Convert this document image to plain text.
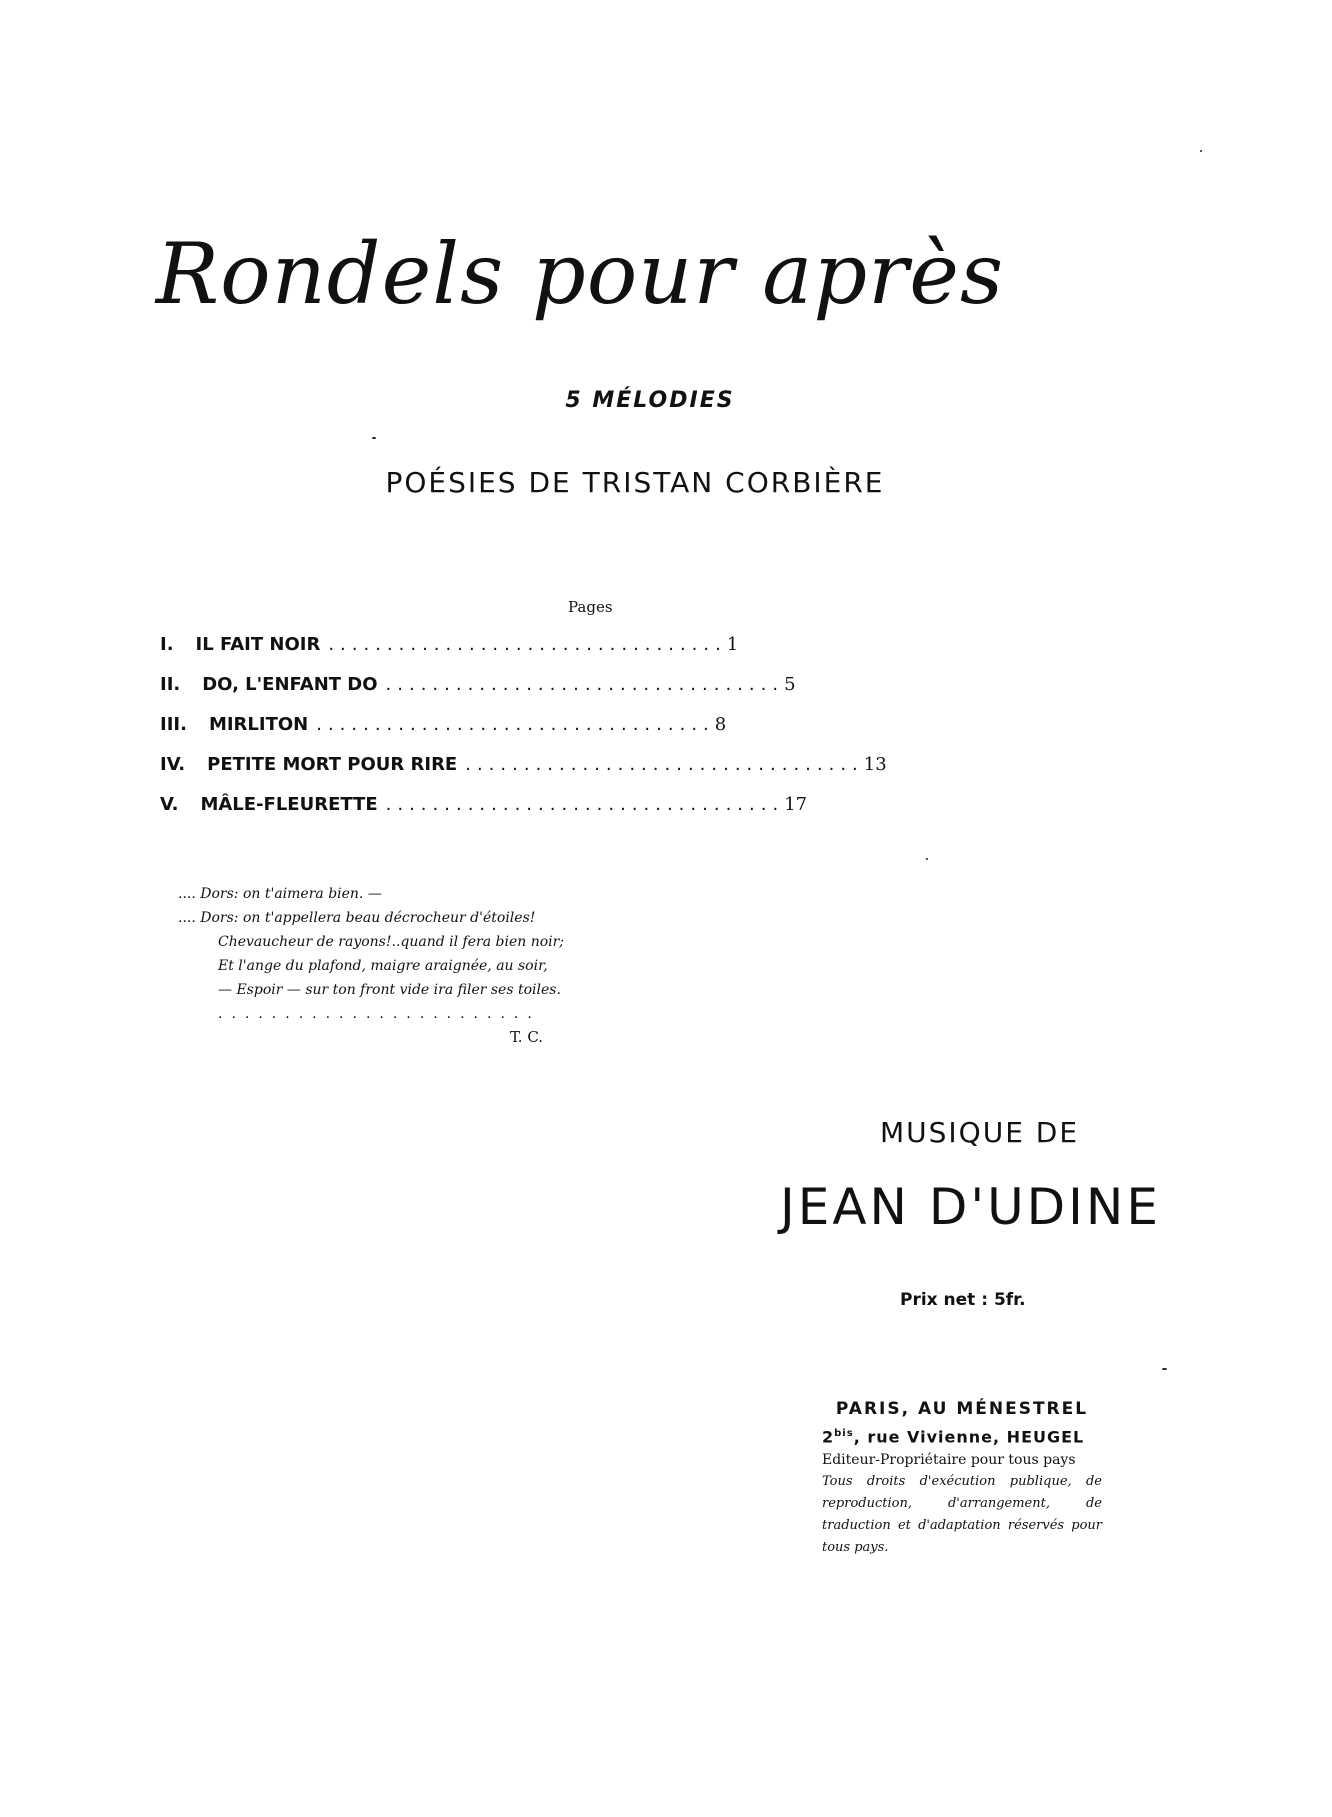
Rondels pour après
5 MÉLODIES
POÉSIES DE TRISTAN CORBIÈRE
Pages
I.	IL FAIT NOIR .................................. 1
II.	DO, L'ENFANT DO .................................. 5
III.	MIRLITON .................................. 8
IV.	PETITE MORT POUR RIRE .................................. 13
V.	MÂLE-FLEURETTE .................................. 17
.... Dors: on t'aimera bien. —
.... Dors: on t'appellera beau décrocheur d'étoiles!
Chevaucheur de rayons!..quand il fera bien noir;
Et l'ange du plafond, maigre araignée, au soir,
— Espoir — sur ton front vide ira filer ses toiles.
........................
T. C.
MUSIQUE DE
JEAN D'UDINE
Prix net : 5fr.
PARIS, AU MÉNESTREL
$2^{bis}$, rue Vivienne, HEUGEL
Editeur-Propriétaire pour tous pays
Tous droits d'exécution publique, de reproduction, d'arrangement, de traduction et d'adaptation réservés pour tous pays.
